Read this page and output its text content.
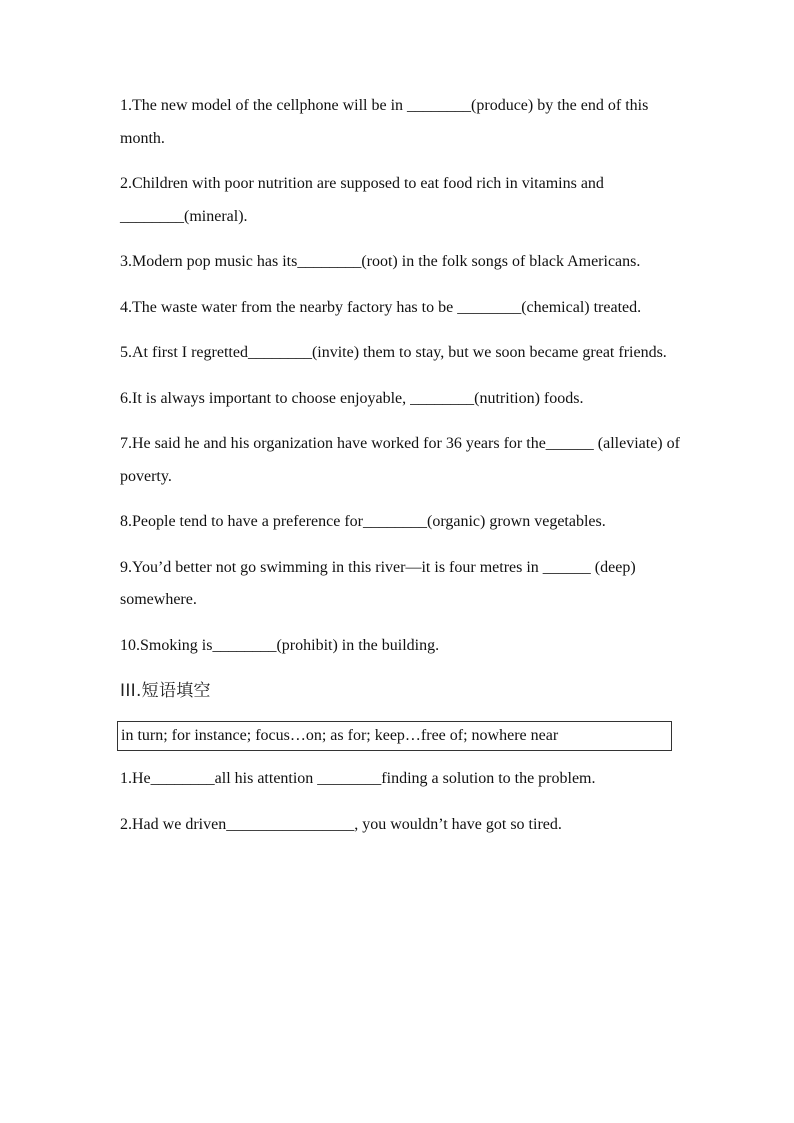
1.The new model of the cellphone will be in ________(produce) by the end of this month.

2.Children with poor nutrition are supposed to eat food rich in vitamins and ________(mineral).

3.Modern pop music has its________(root) in the folk songs of black Americans.

4.The waste water from the nearby factory has to be ________(chemical) treated.

5.At first I regretted________(invite) them to stay, but we soon became great friends.

6.It is always important to choose enjoyable, ________(nutrition) foods.

7.He said he and his organization have worked for 36 years for the______ (alleviate) of poverty.

8.People tend to have a preference for________(organic) grown vegetables.

9.You’d better not go swimming in this river—it is four metres in ______ (deep) somewhere.

10.Smoking is________(prohibit) in the building.

III.短语填空
in turn; for instance; focus…on; as for; keep…free of; nowhere near

1.He________all his attention ________finding a solution to the problem.

2.Had we driven________________, you wouldn’t have got so tired.
